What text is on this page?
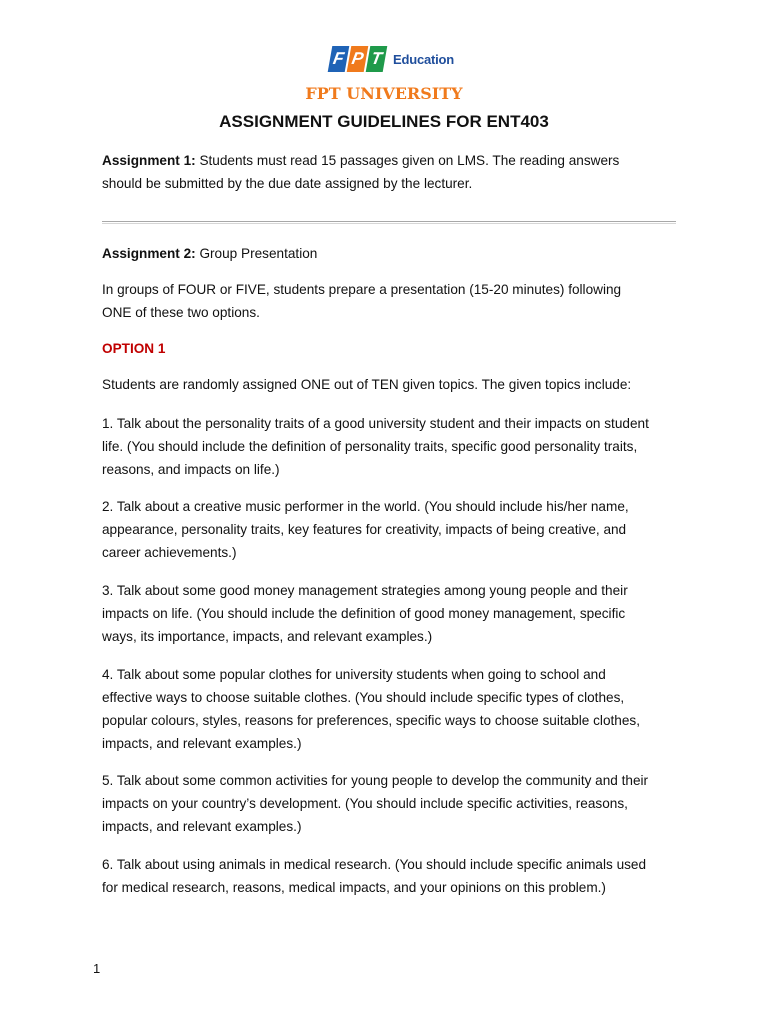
F P T Education
FPT UNIVERSITY
ASSIGNMENT GUIDELINES FOR ENT403

Assignment 1: Students must read 15 passages given on LMS. The reading answers
should be submitted by the due date assigned by the lecturer.

Assignment 2: Group Presentation

In groups of FOUR or FIVE, students prepare a presentation (15-20 minutes) following
ONE of these two options.

OPTION 1

Students are randomly assigned ONE out of TEN given topics. The given topics include:

1. Talk about the personality traits of a good university student and their impacts on student
life. (You should include the definition of personality traits, specific good personality traits,
reasons, and impacts on life.)

2. Talk about a creative music performer in the world. (You should include his/her name,
appearance, personality traits, key features for creativity, impacts of being creative, and
career achievements.)

3. Talk about some good money management strategies among young people and their
impacts on life. (You should include the definition of good money management, specific
ways, its importance, impacts, and relevant examples.)

4. Talk about some popular clothes for university students when going to school and
effective ways to choose suitable clothes. (You should include specific types of clothes,
popular colours, styles, reasons for preferences, specific ways to choose suitable clothes,
impacts, and relevant examples.)

5. Talk about some common activities for young people to develop the community and their
impacts on your country’s development. (You should include specific activities, reasons,
impacts, and relevant examples.)

6. Talk about using animals in medical research. (You should include specific animals used
for medical research, reasons, medical impacts, and your opinions on this problem.)

1
